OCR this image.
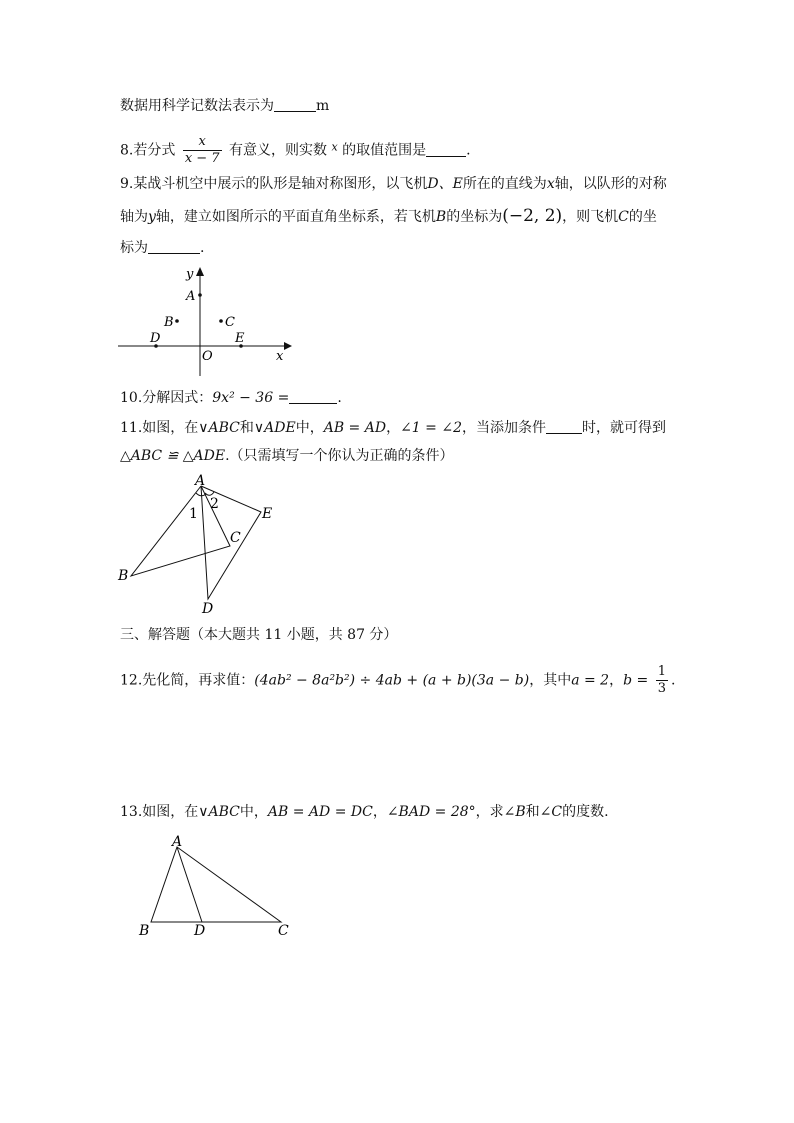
数据用科学记数法表示为	m
8.若分式 $\frac{x}{x - 7}$ 有意义，则实数 $^x$ 的取值范围是	.
9.某战斗机空中展示的队形是轴对称图形，以飞机D、E所在的直线为x轴，以队形的对称
轴为y轴，建立如图所示的平面直角坐标系，若飞机B的坐标为(−2, 2)，则飞机C的坐
标为	.
y
x
A
B	C
D	E
O
10.分解因式：9x² − 36 =	.
11.如图，在∨ABC和∨ADE中，AB = AD，∠1 = ∠2，当添加条件	时，就可得到
△ABC ≌ △ADE.（只需填写一个你认为正确的条件）
A
B
C
D
E
1
2
三、解答题（本大题共 11 小题，共 87 分）
12.先化简，再求值：(4ab² − 8a²b²) ÷ 4ab + (a + b)(3a − b)，其中a = 2，$b = \frac{1}{3}$ .
13.如图，在∨ABC中，AB = AD = DC，∠BAD = 28°，求∠B和∠C的度数.
A
B	D	C
